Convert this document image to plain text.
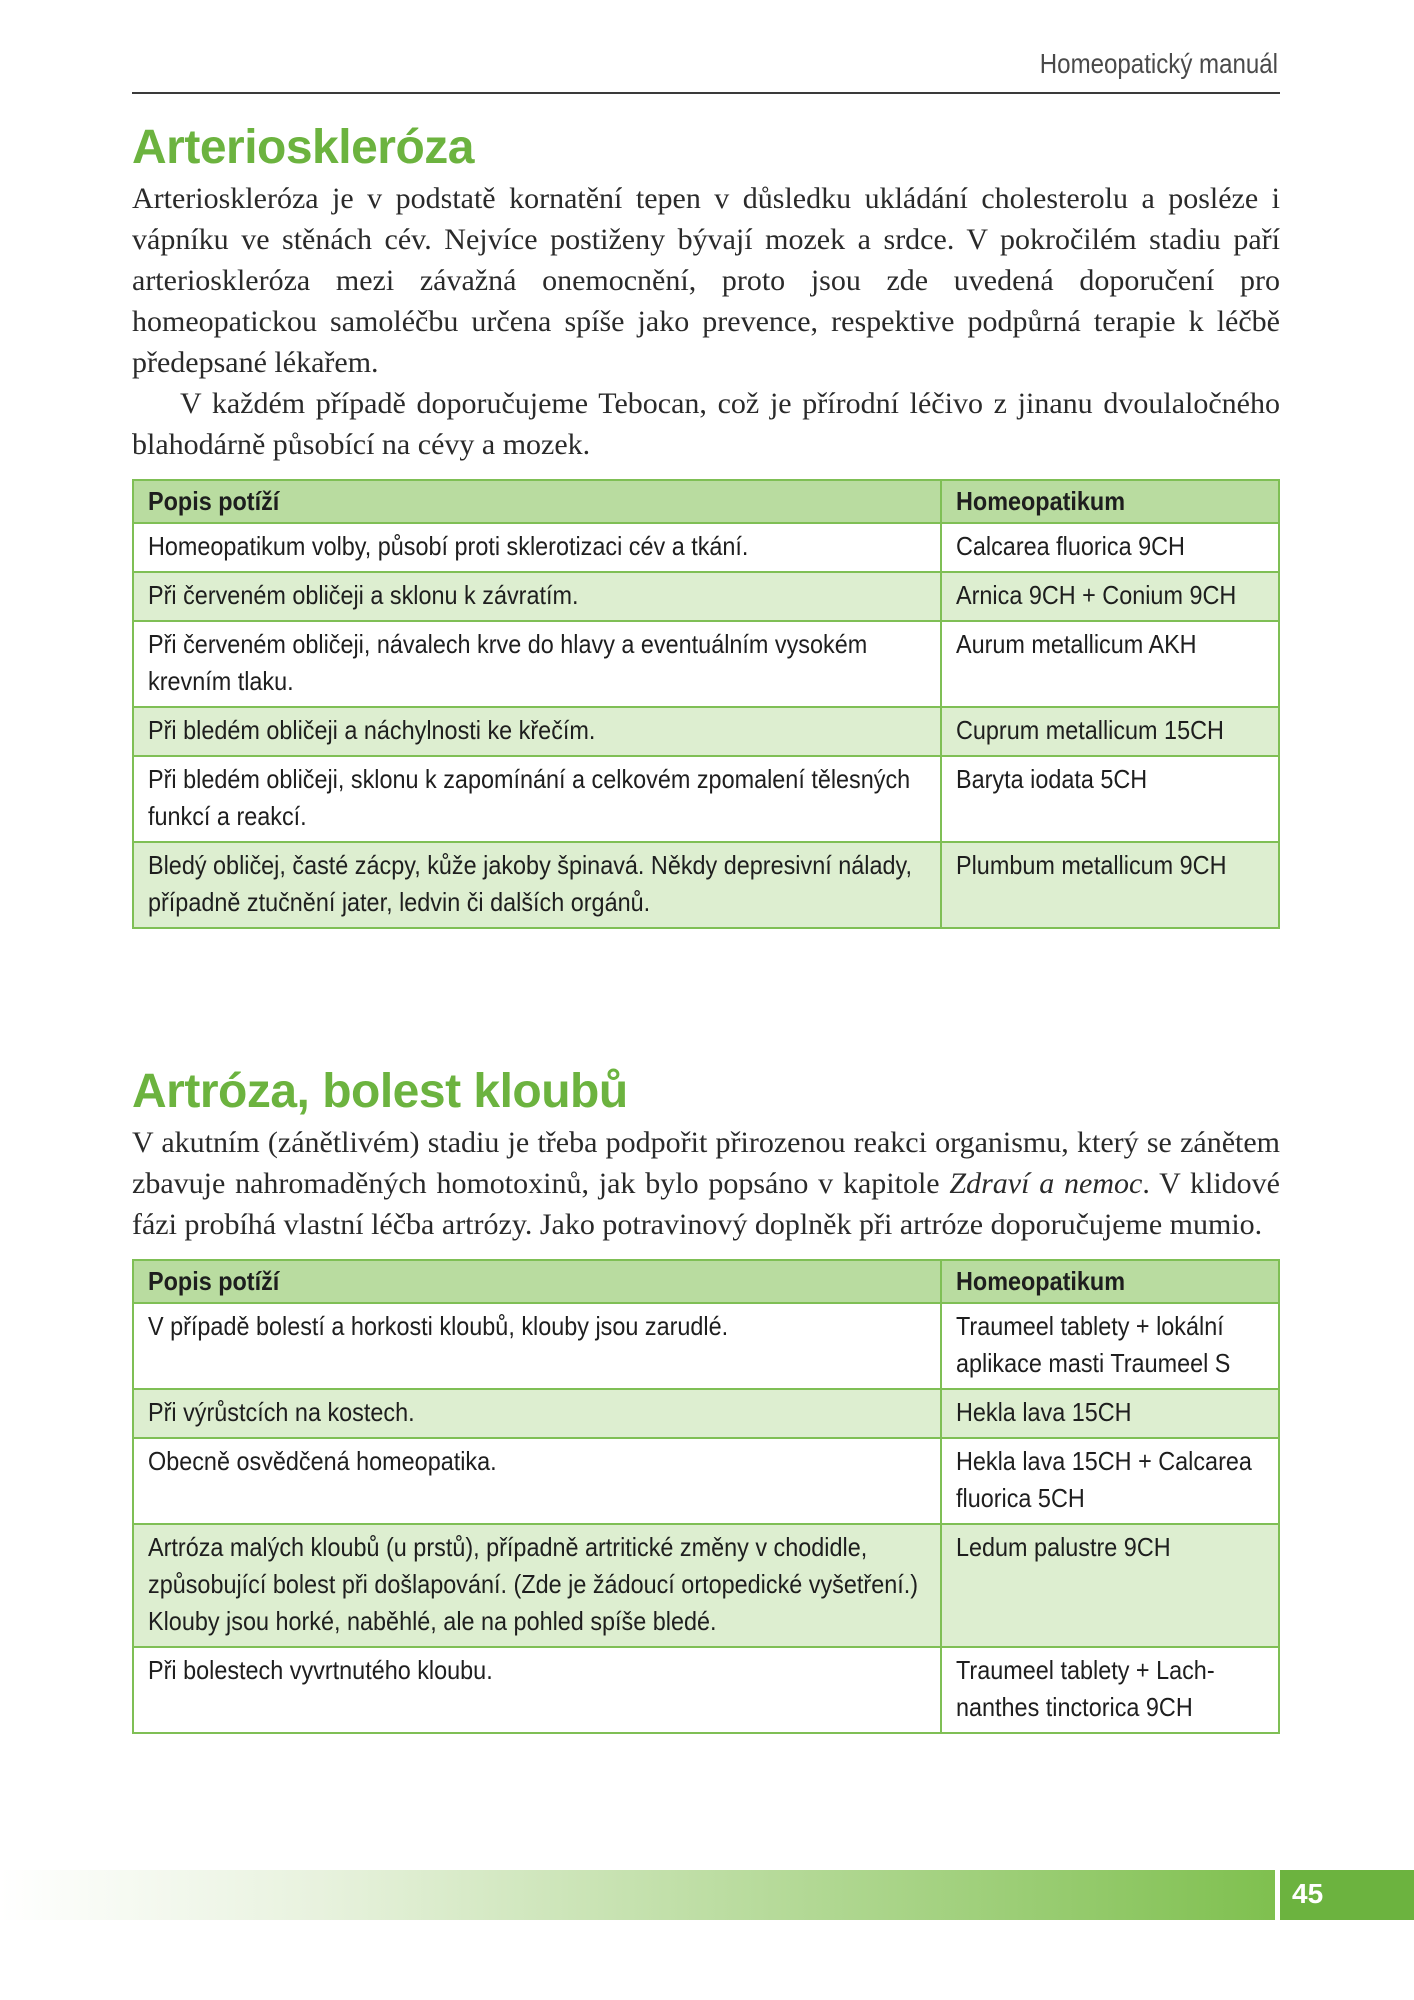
Homeopatický manuál
Arterioskleróza

Arterioskleróza je v podstatě kornatění tepen v důsledku ukládání cholesterolu a posléze i vápníku ve stěnách cév. Nejvíce postiženy bývají mozek a srdce. V pokročilém stadiu paří arterioskleróza mezi závažná onemocnění, proto jsou zde uvedená doporučení pro homeopatickou samoléčbu určena spíše jako prevence, respektive podpůrná terapie k léčbě předepsané lékařem.

V každém případě doporučujeme Tebocan, což je přírodní léčivo z jinanu dvoulaločného blahodárně působící na cévy a mozek.

Popis potíží	Homeopatikum
Homeopatikum volby, působí proti sklerotizaci cév a tkání.	Calcarea fluorica 9CH
Při červeném obličeji a sklonu k závratím.	Arnica 9CH + Conium 9CH
Při červeném obličeji, návalech krve do hlavy a eventuálním vysokém krevním tlaku.	Aurum metallicum AKH
Při bledém obličeji a náchylnosti ke křečím.	Cuprum metallicum 15CH
Při bledém obličeji, sklonu k zapomínání a celkovém zpomalení tělesných funkcí a reakcí.	Baryta iodata 5CH
Bledý obličej, časté zácpy, kůže jakoby špinavá. Někdy depresivní nálady, případně ztučnění jater, ledvin či dalších orgánů.	Plumbum metallicum 9CH
Artróza, bolest kloubů

V akutním (zánětlivém) stadiu je třeba podpořit přirozenou reakci organismu, který se zánětem zbavuje nahromaděných homotoxinů, jak bylo popsáno v kapitole Zdraví a nemoc. V klidové fázi probíhá vlastní léčba artrózy. Jako potravinový doplněk při artróze doporučujeme mumio.

Popis potíží	Homeopatikum
V případě bolestí a horkosti kloubů, klouby jsou zarudlé.	Traumeel tablety + lokální aplikace masti Traumeel S
Při výrůstcích na kostech.	Hekla lava 15CH
Obecně osvědčená homeopatika.	Hekla lava 15CH + Calcarea fluorica 5CH
Artróza malých kloubů (u prstů), případně artritické změny v chodidle, způsobující bolest při došlapování. (Zde je žádoucí ortopedické vyšetření.) Klouby jsou horké, naběhlé, ale na pohled spíše bledé.	Ledum palustre 9CH
Při bolestech vyvrtnutého kloubu.	Traumeel tablety + Lachnanthes tinctorica 9CH
45
